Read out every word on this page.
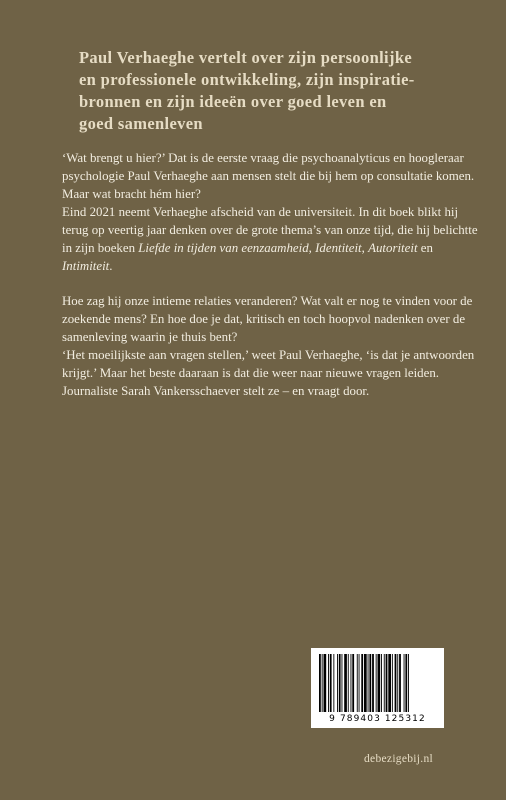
Paul Verhaeghe vertelt over zijn persoonlijke
en professionele ontwikkeling, zijn inspiratie-
bronnen en zijn ideeën over goed leven en
goed samenleven

‘Wat brengt u hier?’ Dat is de eerste vraag die psychoanalyticus en hoogleraar psychologie Paul Verhaeghe aan mensen stelt die bij hem op consultatie komen. Maar wat bracht hém hier?

Eind 2021 neemt Verhaeghe afscheid van de universiteit. In dit boek blikt hij terug op veertig jaar denken over de grote thema’s van onze tijd, die hij belichtte in zijn boeken Liefde in tijden van eenzaamheid, Identiteit, Autoriteit en Intimiteit.

Hoe zag hij onze intieme relaties veranderen? Wat valt er nog te vinden voor de zoekende mens? En hoe doe je dat, kritisch en toch hoopvol nadenken over de samenleving waarin je thuis bent?

‘Het moeilijkste aan vragen stellen,’ weet Paul Verhaeghe, ‘is dat je antwoorden krijgt.’ Maar het beste daaraan is dat die weer naar nieuwe vragen leiden. Journaliste Sarah Vankersschaever stelt ze – en vraagt door.

9 789403 125312
debezigebij.nl
